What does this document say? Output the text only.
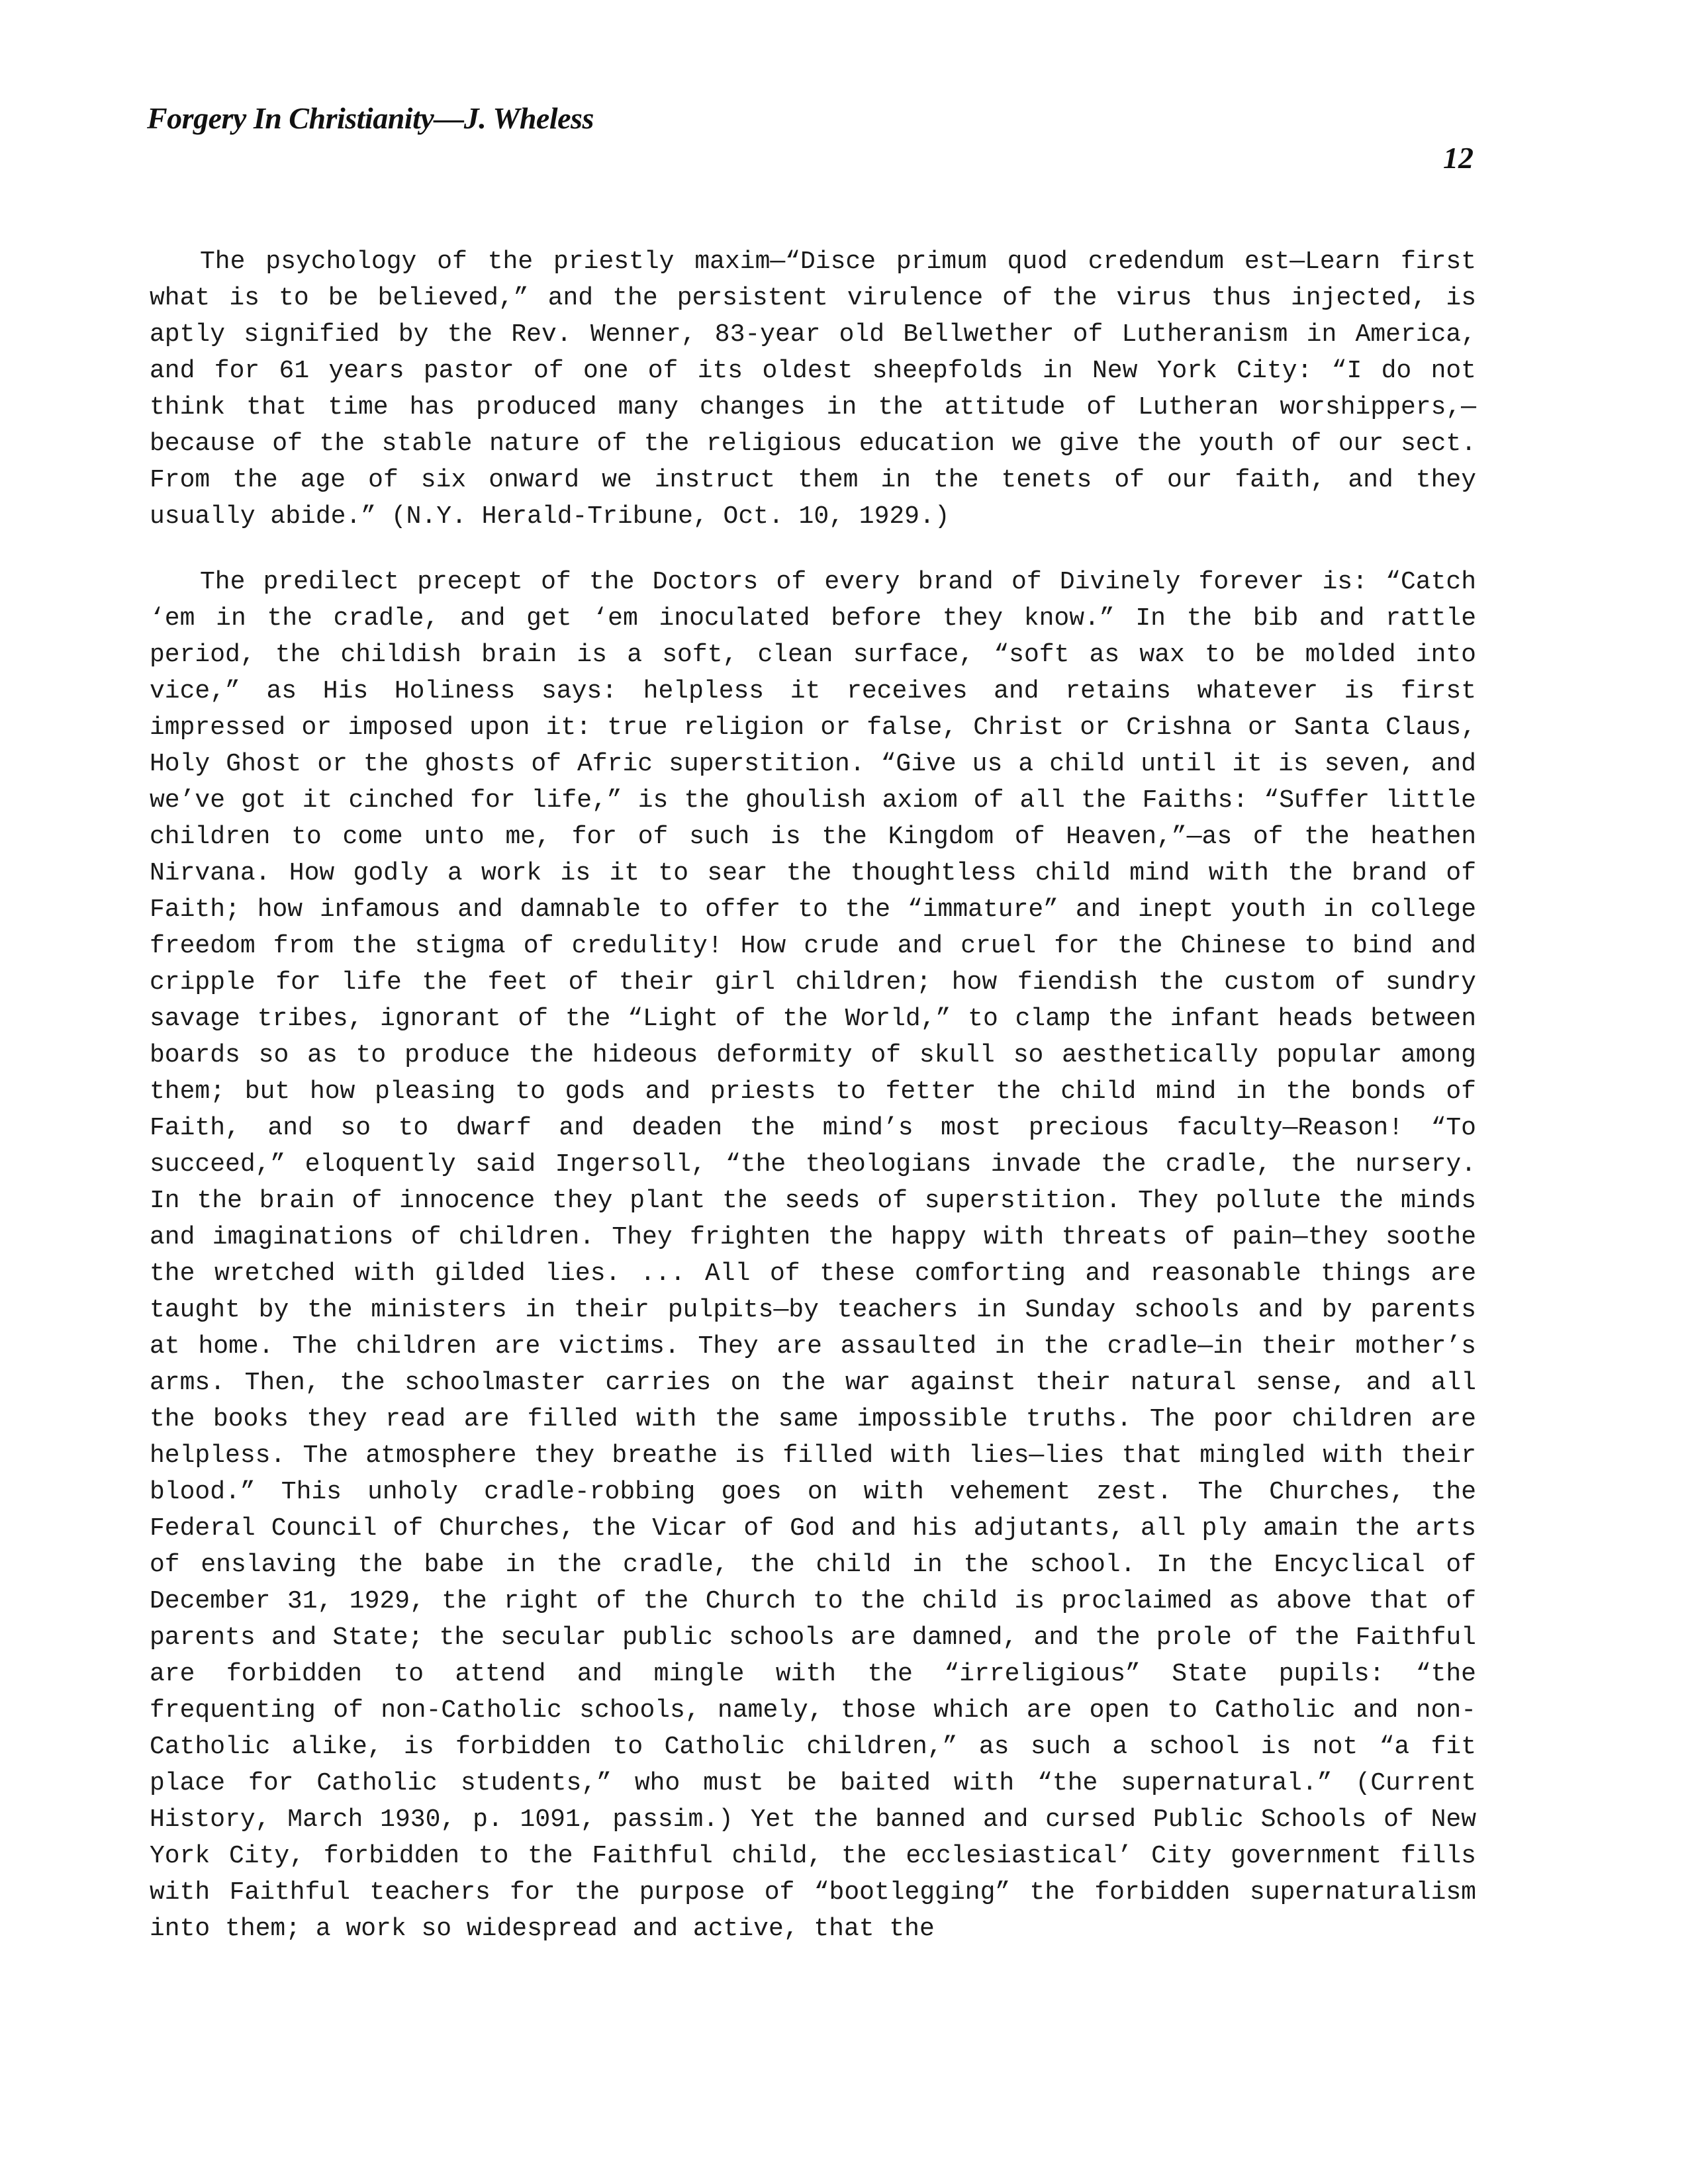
Forgery In Christianity—J. Wheless
12

The psychology of the priestly maxim—“Disce primum quod credendum est—Learn first what is to be believed,” and the persistent virulence of the virus thus injected, is aptly signified by the Rev. Wenner, 83-year old Bellwether of Lutheranism in America, and for 61 years pastor of one of its oldest sheepfolds in New York City: “I do not think that time has produced many changes in the attitude of Lutheran worshippers,—because of the stable nature of the religious education we give the youth of our sect. From the age of six onward we instruct them in the tenets of our faith, and they usually abide.” (N.Y. Herald-Tribune, Oct. 10, 1929.)

The predilect precept of the Doctors of every brand of Divinely forever is: “Catch ‘em in the cradle, and get ‘em inoculated before they know.” In the bib and rattle period, the childish brain is a soft, clean surface, “soft as wax to be molded into vice,” as His Holiness says: helpless it receives and retains whatever is first impressed or imposed upon it: true religion or false, Christ or Crishna or Santa Claus, Holy Ghost or the ghosts of Afric superstition. “Give us a child until it is seven, and we’ve got it cinched for life,” is the ghoulish axiom of all the Faiths: “Suffer little children to come unto me, for of such is the Kingdom of Heaven,”—as of the heathen Nirvana. How godly a work is it to sear the thoughtless child mind with the brand of Faith; how infamous and damnable to offer to the “immature” and inept youth in college freedom from the stigma of credulity! How crude and cruel for the Chinese to bind and cripple for life the feet of their girl children; how fiendish the custom of sundry savage tribes, ignorant of the “Light of the World,” to clamp the infant heads between boards so as to produce the hideous deformity of skull so aesthetically popular among them; but how pleasing to gods and priests to fetter the child mind in the bonds of Faith, and so to dwarf and deaden the mind’s most precious faculty—Reason! “To succeed,” eloquently said Ingersoll, “the theologians invade the cradle, the nursery. In the brain of innocence they plant the seeds of superstition. They pollute the minds and imaginations of children. They frighten the happy with threats of pain—they soothe the wretched with gilded lies. ... All of these comforting and reasonable things are taught by the ministers in their pulpits—by teachers in Sunday schools and by parents at home. The children are victims. They are assaulted in the cradle—in their mother’s arms. Then, the schoolmaster carries on the war against their natural sense, and all the books they read are filled with the same impossible truths. The poor children are helpless. The atmosphere they breathe is filled with lies—lies that mingled with their blood.” This unholy cradle-robbing goes on with vehement zest. The Churches, the Federal Council of Churches, the Vicar of God and his adjutants, all ply amain the arts of enslaving the babe in the cradle, the child in the school. In the Encyclical of December 31, 1929, the right of the Church to the child is proclaimed as above that of parents and State; the secular public schools are damned, and the prole of the Faithful are forbidden to attend and mingle with the “irreligious” State pupils: “the frequenting of non-Catholic schools, namely, those which are open to Catholic and non-Catholic alike, is forbidden to Catholic children,” as such a school is not “a fit place for Catholic students,” who must be baited with “the supernatural.” (Current History, March 1930, p. 1091, passim.) Yet the banned and cursed Public Schools of New York City, forbidden to the Faithful child, the ecclesiastical’ City government fills with Faithful teachers for the purpose of “bootlegging” the forbidden supernaturalism into them; a work so widespread and active, that the
